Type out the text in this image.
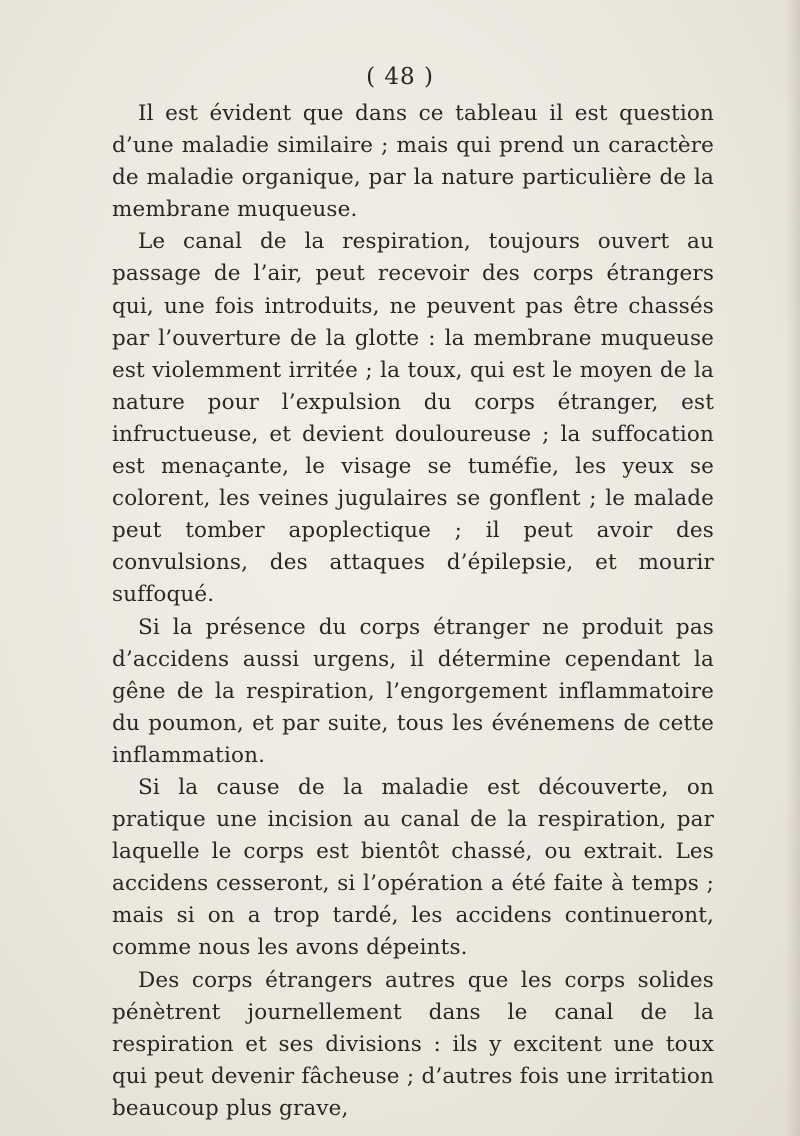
( 48 )

Il est évident que dans ce tableau il est question d’une maladie similaire ; mais qui prend un caractère de maladie organique, par la nature particulière de la membrane muqueuse.

Le canal de la respiration, toujours ouvert au passage de l’air, peut recevoir des corps étrangers qui, une fois introduits, ne peuvent pas être chassés par l’ouverture de la glotte : la membrane muqueuse est violemment irritée ; la toux, qui est le moyen de la nature pour l’expulsion du corps étranger, est infructueuse, et devient douloureuse ; la suffocation est menaçante, le visage se tuméfie, les yeux se colorent, les veines jugulaires se gonflent ; le malade peut tomber apoplectique ; il peut avoir des convulsions, des attaques d’épilepsie, et mourir suffoqué.

Si la présence du corps étranger ne produit pas d’accidens aussi urgens, il détermine cependant la gêne de la respiration, l’engorgement inflammatoire du poumon, et par suite, tous les événemens de cette inflammation.

Si la cause de la maladie est découverte, on pratique une incision au canal de la respiration, par laquelle le corps est bientôt chassé, ou extrait. Les accidens cesseront, si l’opération a été faite à temps ; mais si on a trop tardé, les accidens continueront, comme nous les avons dépeints.

Des corps étrangers autres que les corps solides pénètrent journellement dans le canal de la respiration et ses divisions : ils y excitent une toux qui peut devenir fâcheuse ; d’autres fois une irritation beaucoup plus grave,
